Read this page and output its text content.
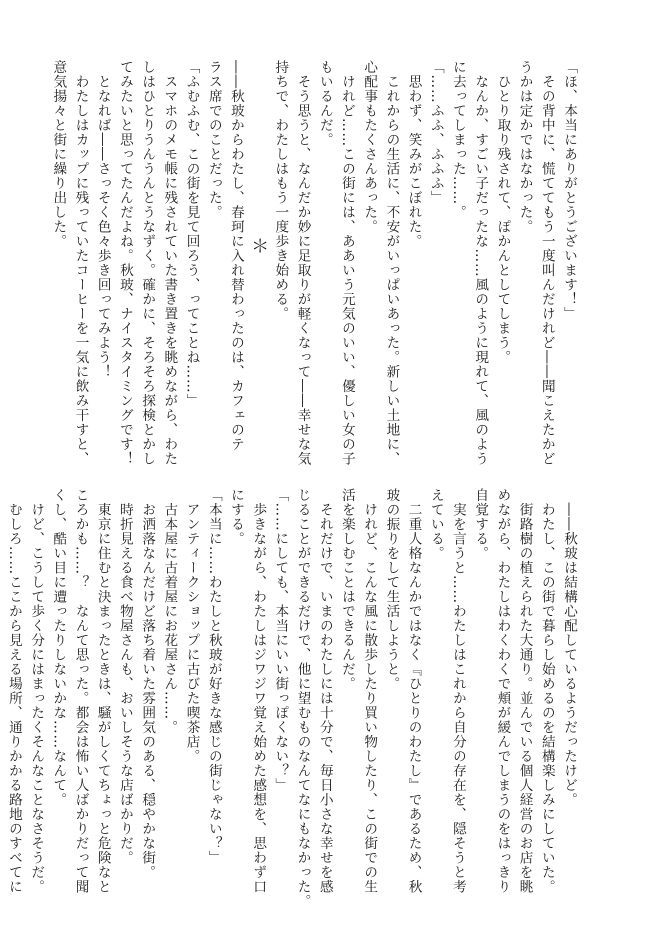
「ほ、本当にありがとうございます！」
　その背中に、慌ててもう一度叫んだけれど――聞こえたかど
うかは定かではなかった。
　ひとり取り残されて、ぽかんとしてしまう。
　なんか、すごい子だったな……風のように現れて、風のよう
に去ってしまった……。
「……ふふ、ふふふ」
　思わず、笑みがこぼれた。
　これからの生活に、不安がいっぱいあった。新しい土地に、
心配事もたくさんあった。
　けれど……この街には、ああいう元気のいい、優しい女の子
もいるんだ。
　そう思うと、なんだか妙に足取りが軽くなって――幸せな気
持ちで、わたしはもう一度歩き始める。
＊
――秋玻からわたし、春珂に入れ替わったのは、カフェのテ
ラス席でのことだった。
「ふむふむ、この街を見て回ろう、ってことね……」
　スマホのメモ帳に残されていた書き置きを眺めながら、わた
しはひとりうんうんとうなずく。確かに、そろそろ探検とかし
てみたいと思ってたんだよね。秋玻、ナイスタイミングです！
　となれば――さっそく色々歩き回ってみよう！
　わたしはカップに残っていたコーヒーを一気に飲み干すと、
意気揚々と街に繰り出した。
　――秋玻は結構心配しているようだったけど。
　わたし、この街で暮らし始めるのを結構楽しみにしていた。
　街路樹の植えられた大通り。並んでいる個人経営のお店を眺
めながら、わたしはわくわくで頬が緩んでしまうのをはっきり
自覚する。
　実を言うと……わたしはこれから自分の存在を、隠そうと考
えている。
　二重人格なんかではなく『ひとりのわたし』であるため、秋
玻の振りをして生活しようと。
　けれど、こんな風に散歩したり買い物したり、この街での生
活を楽しむことはできるんだ。
　それだけで、いまのわたしには十分で、毎日小さな幸せを感
じることができるだけで、他に望むものなんてなにもなかった。
「……にしても、本当にいい街っぽくない？」
　歩きながら、わたしはジワジワ覚え始めた感想を、思わず口
にする。
「本当に……わたしと秋玻が好きな感じの街じゃない？」
　アンティークショップに古びた喫茶店。
　古本屋に古着屋にお花屋さん……。
　お洒落なんだけど落ち着いた雰囲気のある、穏やかな街。
　時折見える食べ物屋さんも、おいしそうな店ばかりだ。
　東京に住むと決まったときは、騒がしくてちょっと危険なと
ころかも……？　なんて思った。都会は怖い人ばかりだって聞
くし、酷い目に遭ったりしないかな……なんて。
　けど、こうして歩く分にはまったくそんなことなさそうだ。
　むしろ……ここから見える場所、通りかかる路地のすべてに
